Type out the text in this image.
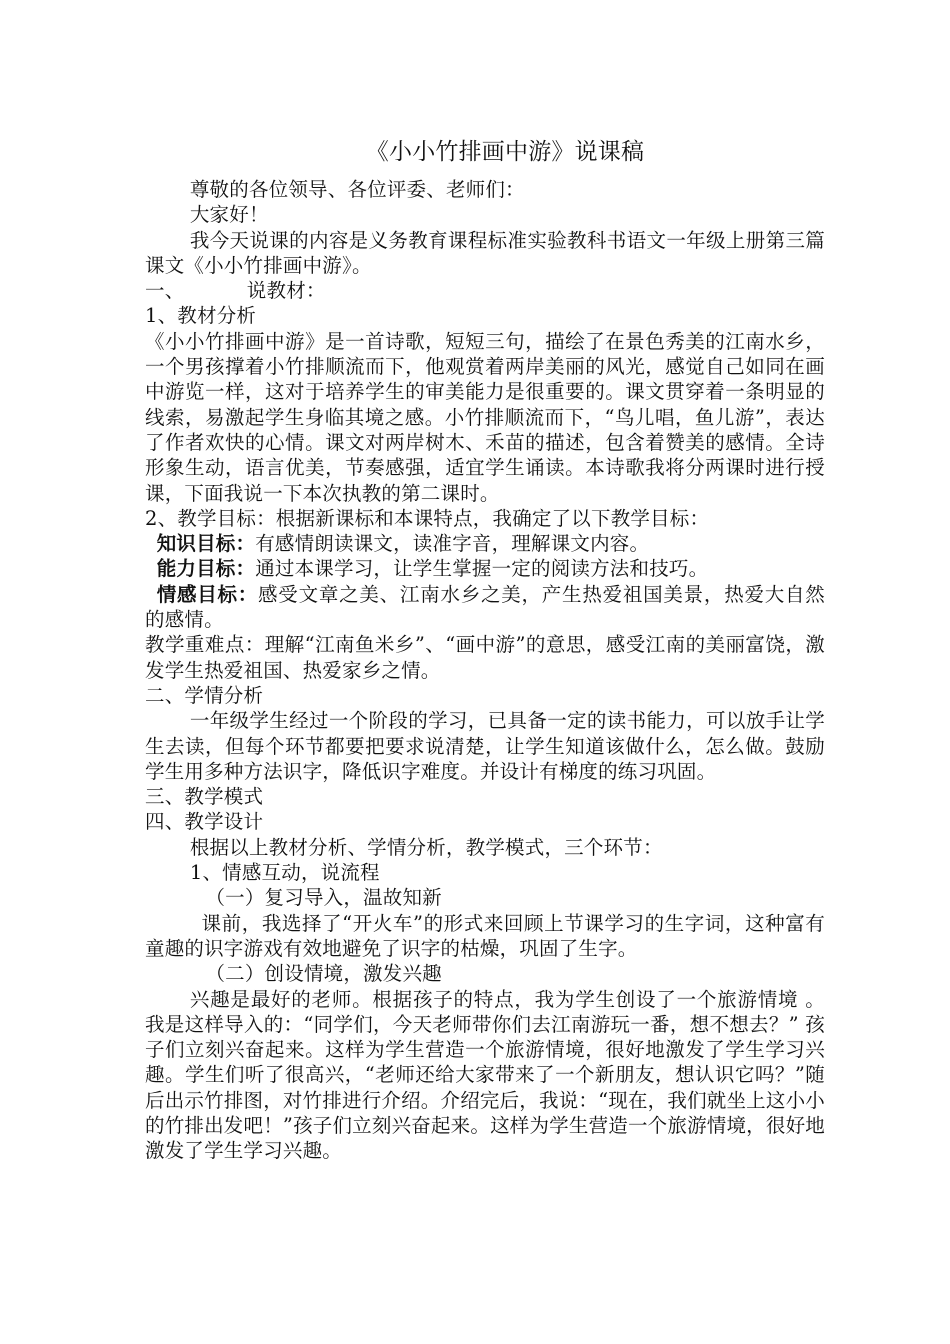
《小小竹排画中游》说课稿

尊敬的各位领导、各位评委、老师们：

大家好！

我今天说课的内容是义务教育课程标准实验教科书语文一年级上册第三篇课文《小小竹排画中游》。

一、	说教材：

1、教材分析

《小小竹排画中游》是一首诗歌，短短三句，描绘了在景色秀美的江南水乡，一个男孩撑着小竹排顺流而下，他观赏着两岸美丽的风光，感觉自己如同在画中游览一样，这对于培养学生的审美能力是很重要的。课文贯穿着一条明显的线索，易激起学生身临其境之感。小竹排顺流而下，“鸟儿唱，鱼儿游”，表达了作者欢快的心情。课文对两岸树木、禾苗的描述，包含着赞美的感情。全诗形象生动，语言优美，节奏感强，适宜学生诵读。本诗歌我将分两课时进行授课，下面我说一下本次执教的第二课时。

2、教学目标：根据新课标和本课特点，我确定了以下教学目标：

知识目标：有感情朗读课文，读准字音，理解课文内容。

能力目标：通过本课学习，让学生掌握一定的阅读方法和技巧。

情感目标：感受文章之美、江南水乡之美，产生热爱祖国美景，热爱大自然的感情。

教学重难点：理解“江南鱼米乡”、“画中游”的意思，感受江南的美丽富饶，激发学生热爱祖国、热爱家乡之情。

二、学情分析

一年级学生经过一个阶段的学习，已具备一定的读书能力，可以放手让学生去读，但每个环节都要把要求说清楚，让学生知道该做什么，怎么做。鼓励学生用多种方法识字，降低识字难度。并设计有梯度的练习巩固。

三、教学模式

四、教学设计

根据以上教材分析、学情分析，教学模式，三个环节：

1、情感互动，说流程

（一）复习导入，温故知新

课前，我选择了“开火车”的形式来回顾上节课学习的生字词，这种富有童趣的识字游戏有效地避免了识字的枯燥，巩固了生字。

（二）创设情境，激发兴趣

兴趣是最好的老师。根据孩子的特点，我为学生创设了一个旅游情境 。我是这样导入的：“同学们，今天老师带你们去江南游玩一番，想不想去？” 孩子们立刻兴奋起来。这样为学生营造一个旅游情境，很好地激发了学生学习兴趣。学生们听了很高兴，“老师还给大家带来了一个新朋友，想认识它吗？”随后出示竹排图，对竹排进行介绍。介绍完后，我说：“现在，我们就坐上这小小的竹排出发吧！”孩子们立刻兴奋起来。这样为学生营造一个旅游情境，很好地激发了学生学习兴趣。
